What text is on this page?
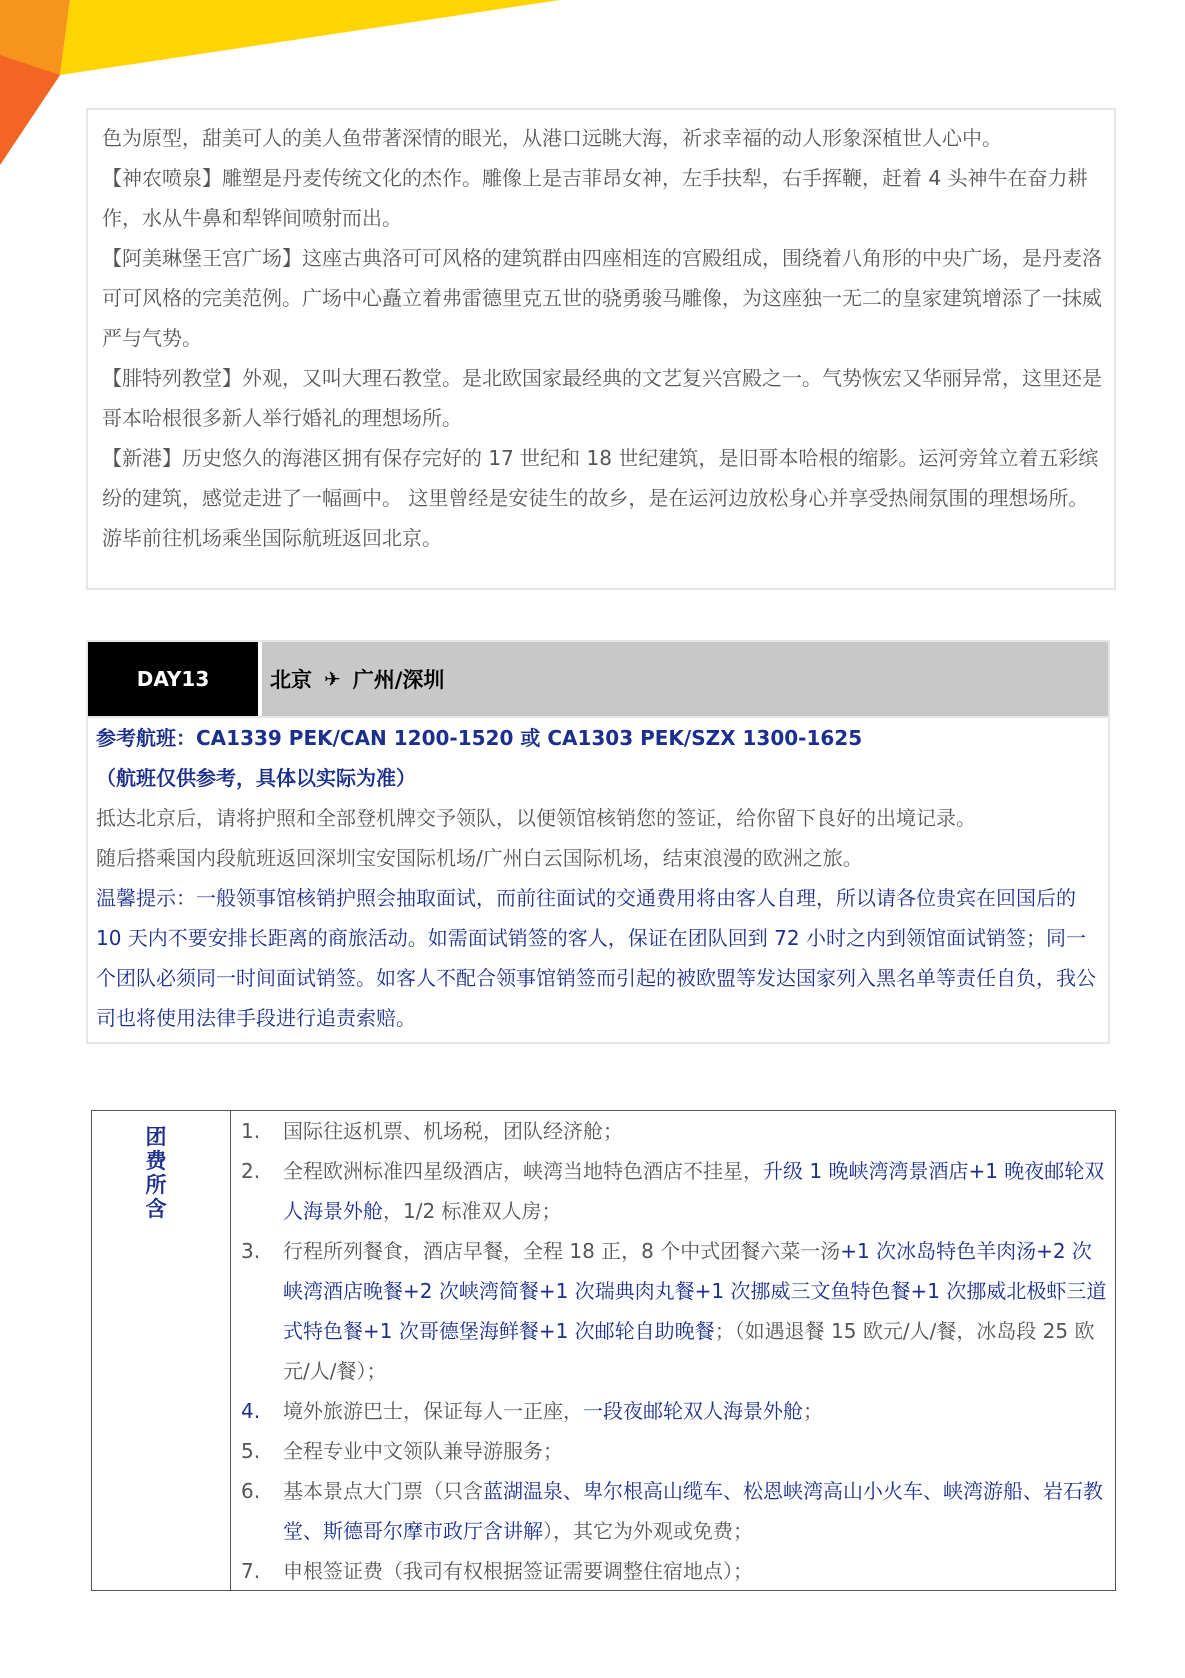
色为原型，甜美可人的美人鱼带著深情的眼光，从港口远眺大海，祈求幸福的动人形象深植世人心中。

【神农喷泉】雕塑是丹麦传统文化的杰作。雕像上是吉菲昂女神，左手扶犁，右手挥鞭，赶着 4 头神牛在奋力耕作，水从牛鼻和犁铧间喷射而出。

【阿美琳堡王宫广场】这座古典洛可可风格的建筑群由四座相连的宫殿组成，围绕着八角形的中央广场，是丹麦洛可可风格的完美范例。广场中心矗立着弗雷德里克五世的骁勇骏马雕像，为这座独一无二的皇家建筑增添了一抹威严与气势。

【腓特列教堂】外观，又叫大理石教堂。是北欧国家最经典的文艺复兴宫殿之一。气势恢宏又华丽异常，这里还是哥本哈根很多新人举行婚礼的理想场所。

【新港】历史悠久的海港区拥有保存完好的 17 世纪和 18 世纪建筑，是旧哥本哈根的缩影。运河旁耸立着五彩缤纷的建筑，感觉走进了一幅画中。 这里曾经是安徒生的故乡，是在运河边放松身心并享受热闹氛围的理想场所。

游毕前往机场乘坐国际航班返回北京。

DAY13	北京 ✈ 广州/深圳

参考航班：CA1339 PEK/CAN 1200-1520 或 CA1303 PEK/SZX 1300-1625

（航班仅供参考，具体以实际为准）

抵达北京后，请将护照和全部登机牌交予领队，以便领馆核销您的签证，给你留下良好的出境记录。

随后搭乘国内段航班返回深圳宝安国际机场/广州白云国际机场，结束浪漫的欧洲之旅。

温馨提示：一般领事馆核销护照会抽取面试，而前往面试的交通费用将由客人自理，所以请各位贵宾在回国后的 10 天内不要安排长距离的商旅活动。如需面试销签的客人，保证在团队回到 72 小时之内到领馆面试销签；同一个团队必须同一时间面试销签。如客人不配合领事馆销签而引起的被欧盟等发达国家列入黑名单等责任自负，我公司也将使用法律手段进行追责索赔。

团费所含
1.	国际往返机票、机场税，团队经济舱；
2.	全程欧洲标准四星级酒店，峡湾当地特色酒店不挂星，升级 1 晚峡湾湾景酒店+1 晚夜邮轮双人海景外舱，1/2 标准双人房；
3.	行程所列餐食，酒店早餐，全程 18 正，8 个中式团餐六菜一汤+1 次冰岛特色羊肉汤+2 次峡湾酒店晚餐+2 次峡湾简餐+1 次瑞典肉丸餐+1 次挪威三文鱼特色餐+1 次挪威北极虾三道式特色餐+1 次哥德堡海鲜餐+1 次邮轮自助晚餐；（如遇退餐 15 欧元/人/餐，冰岛段 25 欧元/人/餐）；
4.	境外旅游巴士，保证每人一正座，一段夜邮轮双人海景外舱；
5.	全程专业中文领队兼导游服务；
6.	基本景点大门票（只含蓝湖温泉、卑尔根高山缆车、松恩峡湾高山小火车、峡湾游船、岩石教堂、斯德哥尔摩市政厅含讲解），其它为外观或免费；
7.	申根签证费（我司有权根据签证需要调整住宿地点）；
